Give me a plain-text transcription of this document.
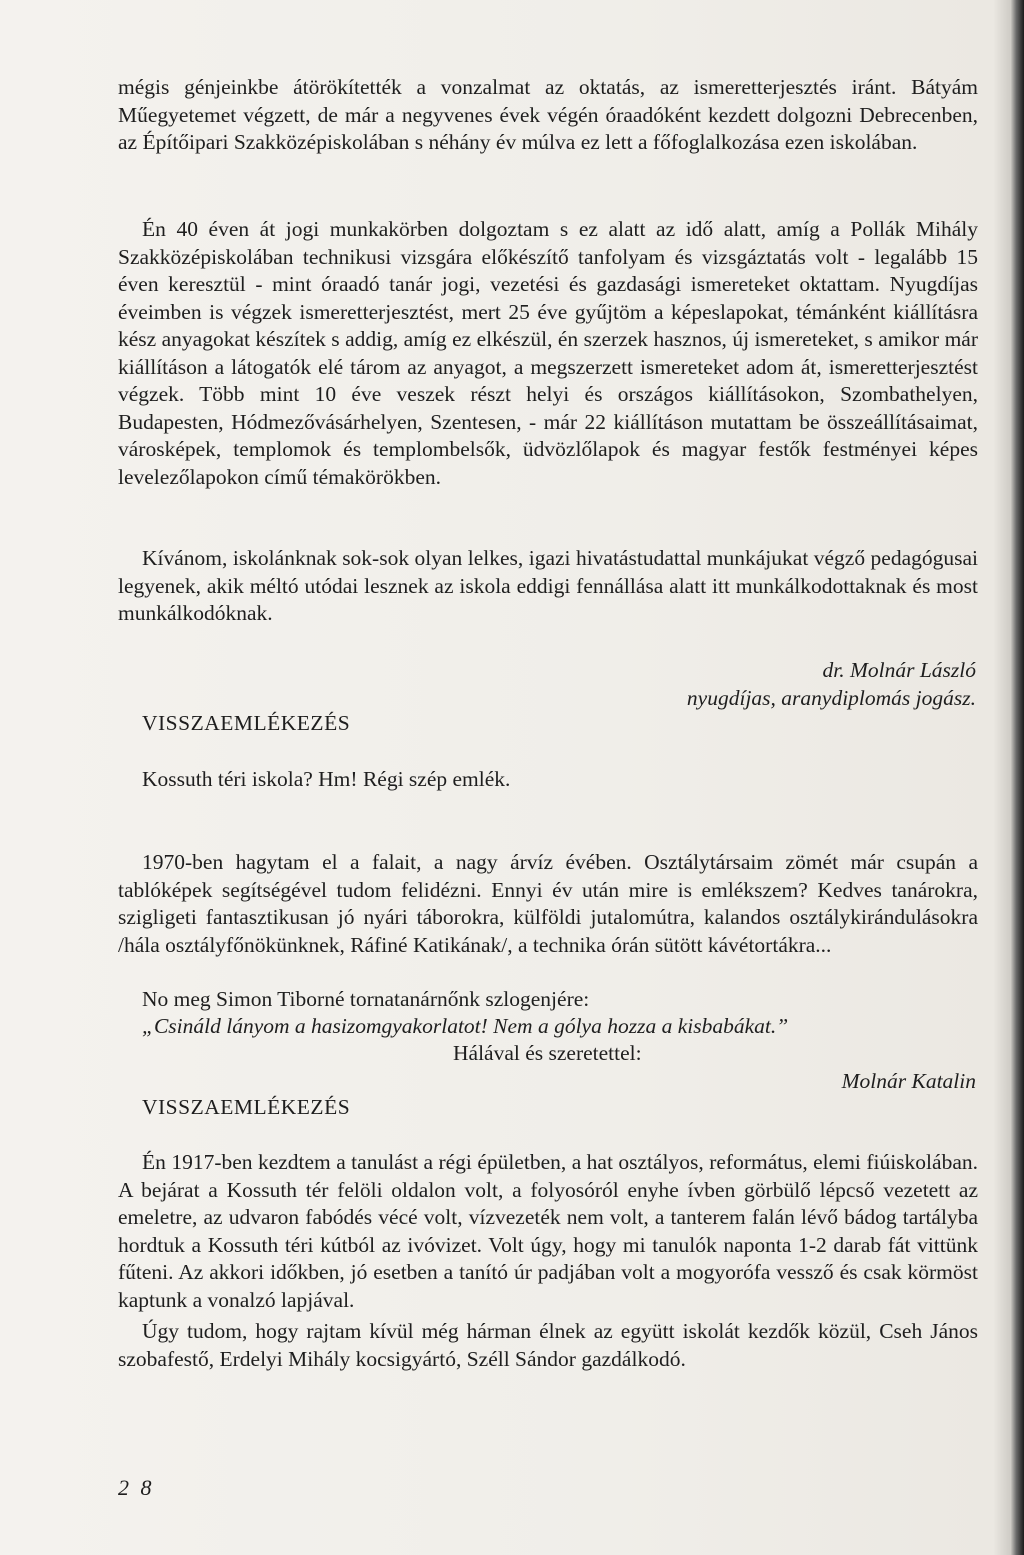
mégis génjeinkbe átörökítették a vonzalmat az oktatás, az ismeretterjesztés iránt. Bátyám Műegyetemet végzett, de már a negyvenes évek végén óraadóként kezdett dolgozni Debrecenben, az Építőipari Szakközépiskolában s néhány év múlva ez lett a főfoglalkozása ezen iskolában.
Én 40 éven át jogi munkakörben dolgoztam s ez alatt az idő alatt, amíg a Pollák Mihály Szakközépiskolában technikusi vizsgára előkészítő tanfolyam és vizsgáztatás volt - legalább 15 éven keresztül - mint óraadó tanár jogi, vezetési és gazdasági ismereteket oktattam. Nyugdíjas éveimben is végzek ismeretterjesztést, mert 25 éve gyűjtöm a képeslapokat, témánként kiállításra kész anyagokat készítek s addig, amíg ez elkészül, én szerzek hasznos, új ismereteket, s amikor már kiállításon a látogatók elé tárom az anyagot, a megszerzett ismereteket adom át, ismeretterjesztést végzek. Több mint 10 éve veszek részt helyi és országos kiállításokon, Szombathelyen, Budapesten, Hódmezővásárhelyen, Szentesen, - már 22 kiállításon mutattam be összeállításaimat, városképek, templomok és templombelsők, üdvözlőlapok és magyar festők festményei képes levelezőlapokon című témakörökben.
Kívánom, iskolánknak sok-sok olyan lelkes, igazi hivatástudattal munkájukat végző pedagógusai legyenek, akik méltó utódai lesznek az iskola eddigi fennállása alatt itt munkálkodottaknak és most munkálkodóknak.
dr. Molnár László
nyugdíjas, aranydiplomás jogász.
VISSZAEMLÉKEZÉS
Kossuth téri iskola? Hm! Régi szép emlék.
1970-ben hagytam el a falait, a nagy árvíz évében. Osztálytársaim zömét már csupán a tablóképek segítségével tudom felidézni. Ennyi év után mire is emlékszem? Kedves tanárokra, szigligeti fantasztikusan jó nyári táborokra, külföldi jutalomútra, kalandos osztálykirándulásokra /hála osztályfőnökünknek, Ráfiné Katikának/, a technika órán sütött kávétortákra...
No meg Simon Tiborné tornatanárnőnk szlogenjére:
„Csináld lányom a hasizomgyakorlatot! Nem a gólya hozza a kisbabákat.”
Hálával és szeretettel:
Molnár Katalin
VISSZAEMLÉKEZÉS
Én 1917-ben kezdtem a tanulást a régi épületben, a hat osztályos, református, elemi fiúiskolában. A bejárat a Kossuth tér felöli oldalon volt, a folyosóról enyhe ívben görbülő lépcső vezetett az emeletre, az udvaron fabódés vécé volt, vízvezeték nem volt, a tanterem falán lévő bádog tartályba hordtuk a Kossuth téri kútból az ivóvizet. Volt úgy, hogy mi tanulók naponta 1-2 darab fát vittünk fűteni. Az akkori időkben, jó esetben a tanító úr padjában volt a mogyorófa vessző és csak körmöst kaptunk a vonalzó lapjával.
Úgy tudom, hogy rajtam kívül még hárman élnek az együtt iskolát kezdők közül, Cseh János szobafestő, Erdelyi Mihály kocsigyártó, Széll Sándor gazdálkodó.
2 8
